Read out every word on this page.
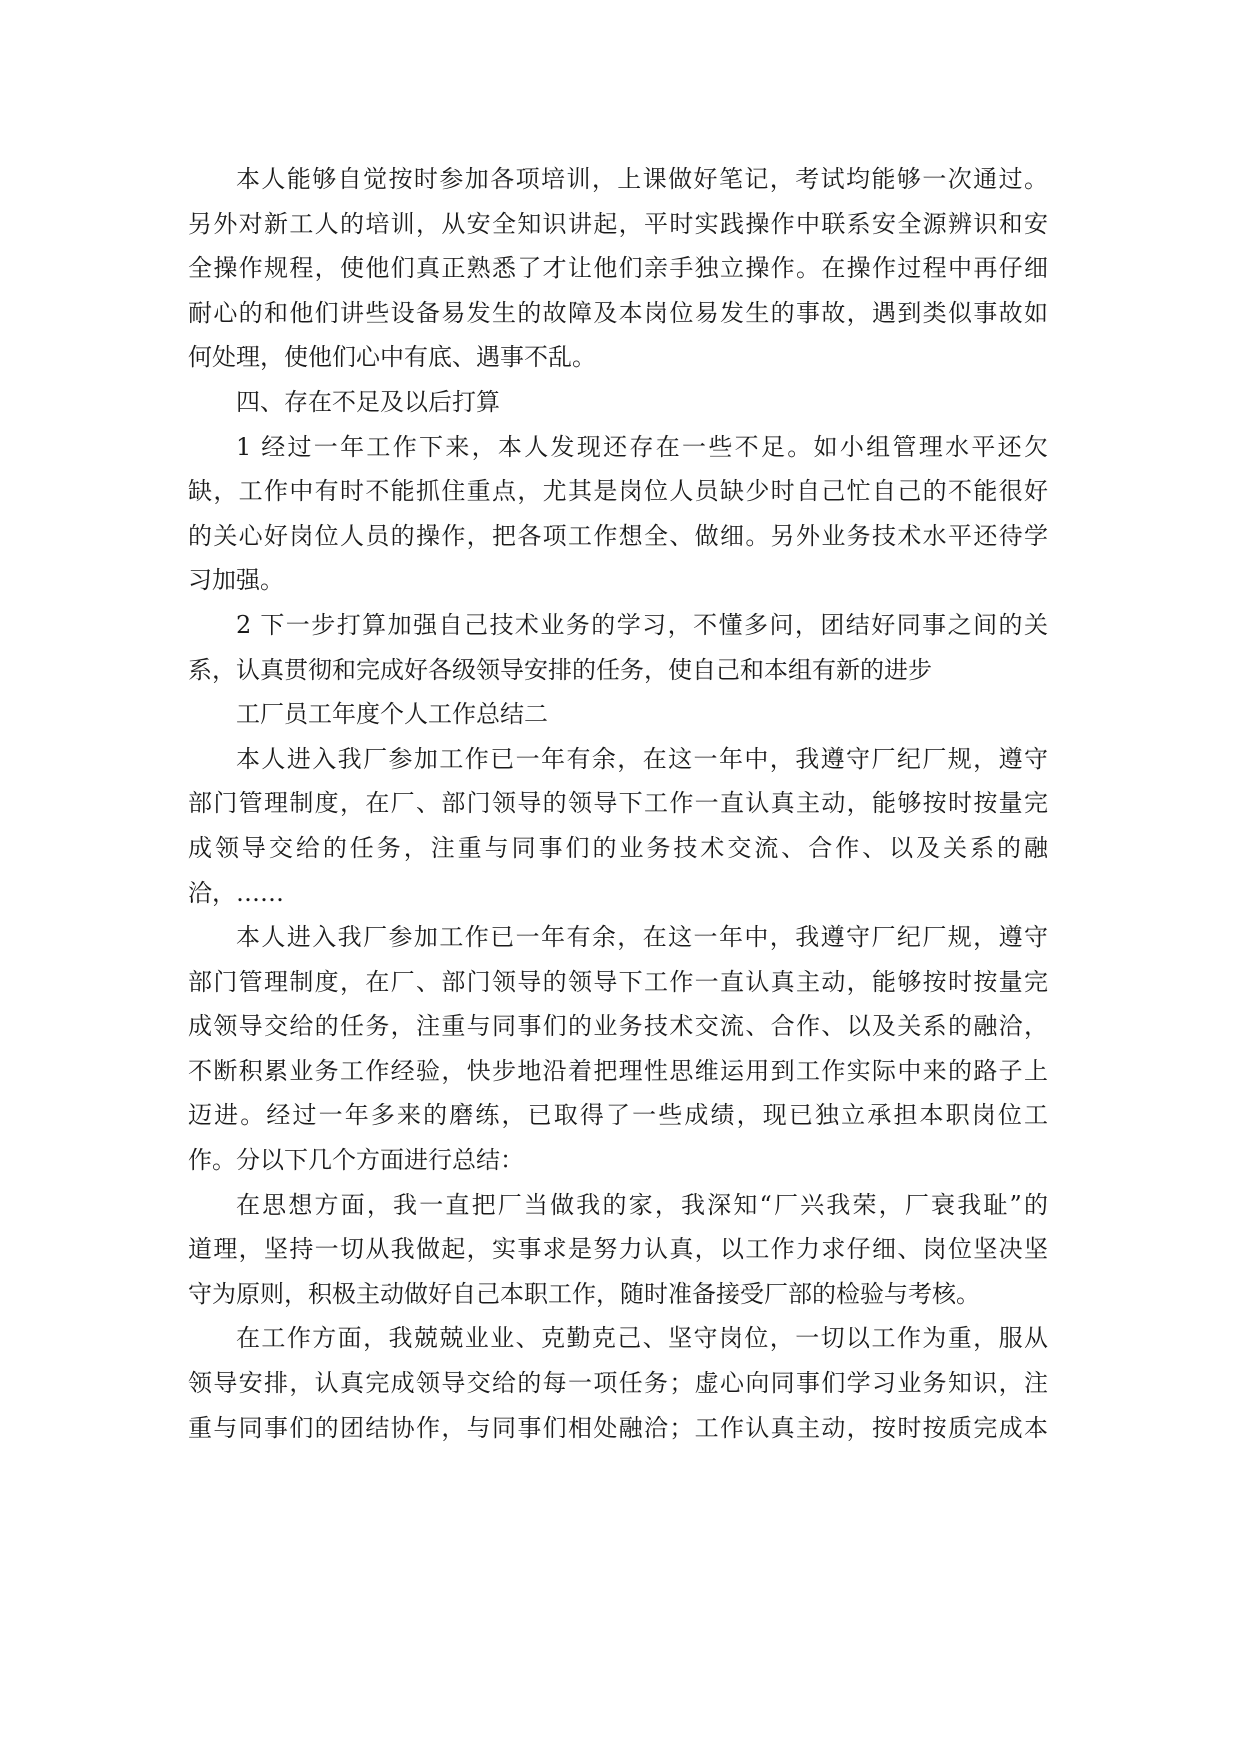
本人能够自觉按时参加各项培训，上课做好笔记，考试均能够一次通过。
另外对新工人的培训，从安全知识讲起，平时实践操作中联系安全源辨识和安
全操作规程，使他们真正熟悉了才让他们亲手独立操作。在操作过程中再仔细
耐心的和他们讲些设备易发生的故障及本岗位易发生的事故，遇到类似事故如
何处理，使他们心中有底、遇事不乱。
四、存在不足及以后打算
1 经过一年工作下来，本人发现还存在一些不足。如小组管理水平还欠
缺，工作中有时不能抓住重点，尤其是岗位人员缺少时自己忙自己的不能很好
的关心好岗位人员的操作，把各项工作想全、做细。另外业务技术水平还待学
习加强。
2 下一步打算加强自己技术业务的学习，不懂多问，团结好同事之间的关
系，认真贯彻和完成好各级领导安排的任务，使自己和本组有新的进步
工厂员工年度个人工作总结二
本人进入我厂参加工作已一年有余，在这一年中，我遵守厂纪厂规，遵守
部门管理制度，在厂、部门领导的领导下工作一直认真主动，能够按时按量完
成领导交给的任务，注重与同事们的业务技术交流、合作、以及关系的融
洽，……
本人进入我厂参加工作已一年有余，在这一年中，我遵守厂纪厂规，遵守
部门管理制度，在厂、部门领导的领导下工作一直认真主动，能够按时按量完
成领导交给的任务，注重与同事们的业务技术交流、合作、以及关系的融洽，
不断积累业务工作经验，快步地沿着把理性思维运用到工作实际中来的路子上
迈进。经过一年多来的磨练，已取得了一些成绩，现已独立承担本职岗位工
作。分以下几个方面进行总结：
在思想方面，我一直把厂当做我的家，我深知“厂兴我荣，厂衰我耻”的
道理，坚持一切从我做起，实事求是努力认真，以工作力求仔细、岗位坚决坚
守为原则，积极主动做好自己本职工作，随时准备接受厂部的检验与考核。
在工作方面，我兢兢业业、克勤克己、坚守岗位，一切以工作为重，服从
领导安排，认真完成领导交给的每一项任务；虚心向同事们学习业务知识，注
重与同事们的团结协作，与同事们相处融洽；工作认真主动，按时按质完成本
